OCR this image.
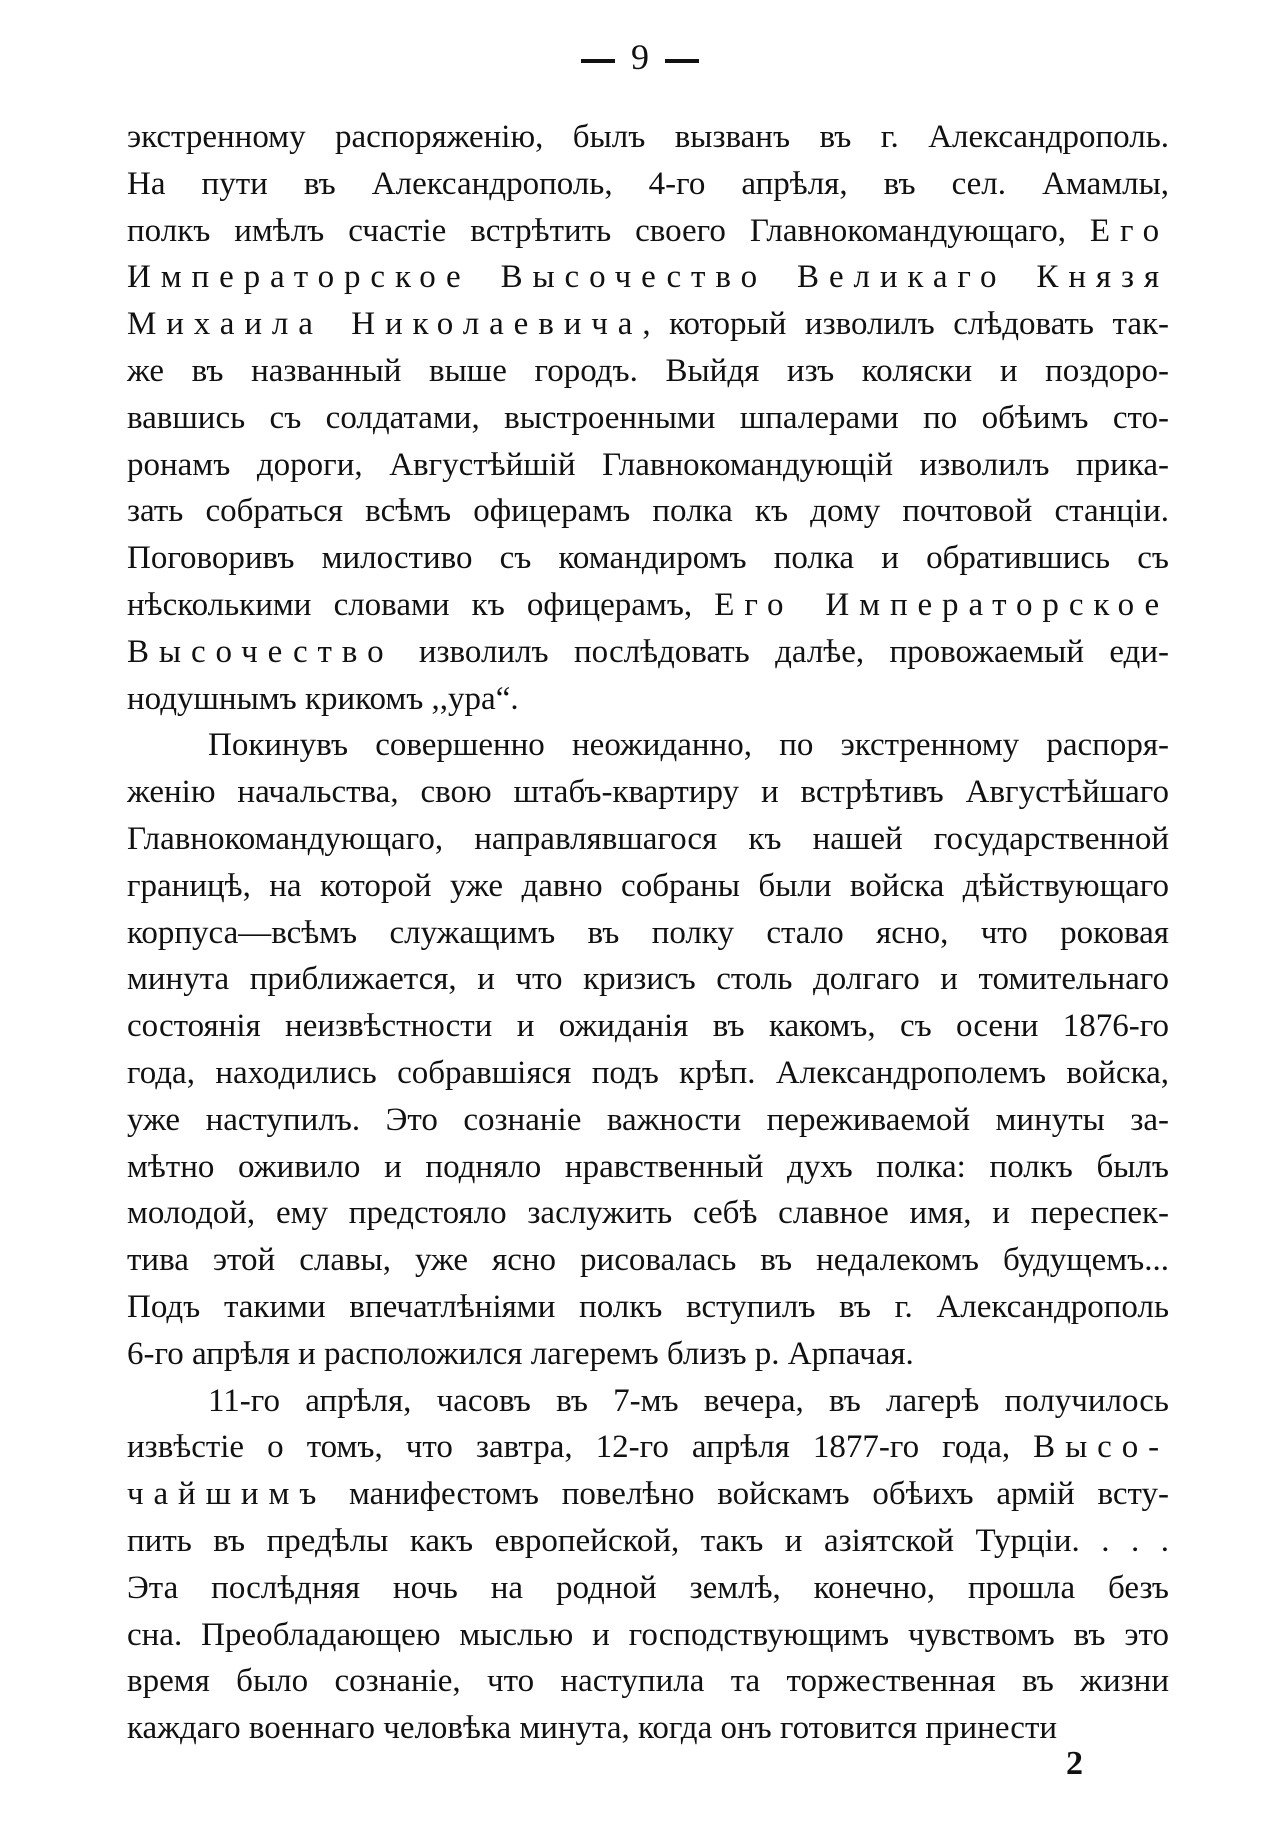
9
экстренному распоряженію, былъ вызванъ въ г. Александрополь.
На пути въ Александрополь, 4-го апрѣля, въ сел. Амамлы,
полкъ имѣлъ счастіе встрѣтить своего Главнокомандующаго, Его
Императорское Высочество Великаго Князя
Михаила Николаевича, который изволилъ слѣдовать так-
же въ названный выше городъ. Выйдя изъ коляски и поздоро-
вавшись съ солдатами, выстроенными шпалерами по обѣимъ сто-
ронамъ дороги, Августѣйшій Главнокомандующій изволилъ прика-
зать собраться всѣмъ офицерамъ полка къ дому почтовой станціи.
Поговоривъ милостиво съ командиромъ полка и обратившись съ
нѣсколькими словами къ офицерамъ, Его Императорское
Высочество изволилъ послѣдовать далѣе, провожаемый еди-
нодушнымъ крикомъ ,,ура“.
Покинувъ совершенно неожиданно, по экстренному распоря-
женію начальства, свою штабъ-квартиру и встрѣтивъ Августѣйшаго
Главнокомандующаго, направлявшагося къ нашей государственной
границѣ, на которой уже давно собраны были войска дѣйствующаго
корпуса—всѣмъ служащимъ въ полку стало ясно, что роковая
минута приближается, и что кризисъ столь долгаго и томительнаго
состоянія неизвѣстности и ожиданія въ какомъ, съ осени 1876-го
года, находились собравшіяся подъ крѣп. Александрополемъ войска,
уже наступилъ. Это сознаніе важности переживаемой минуты за-
мѣтно оживило и подняло нравственный духъ полка: полкъ былъ
молодой, ему предстояло заслужить себѣ славное имя, и переспек-
тива этой славы, уже ясно рисовалась въ недалекомъ будущемъ...
Подъ такими впечатлѣніями полкъ вступилъ въ г. Александрополь
6-го апрѣля и расположился лагеремъ близъ р. Арпачая.
11-го апрѣля, часовъ въ 7-мъ вечера, въ лагерѣ получилось
извѣстіе о томъ, что завтра, 12-го апрѣля 1877-го года, Высо-
чайшимъ манифестомъ повелѣно войскамъ обѣихъ армій всту-
пить въ предѣлы какъ европейской, такъ и азіятской Турціи. . . .
Эта послѣдняя ночь на родной землѣ, конечно, прошла безъ
сна. Преобладающею мыслью и господствующимъ чувствомъ въ это
время было сознаніе, что наступила та торжественная въ жизни
каждаго военнаго человѣка минута, когда онъ готовится принести
2
